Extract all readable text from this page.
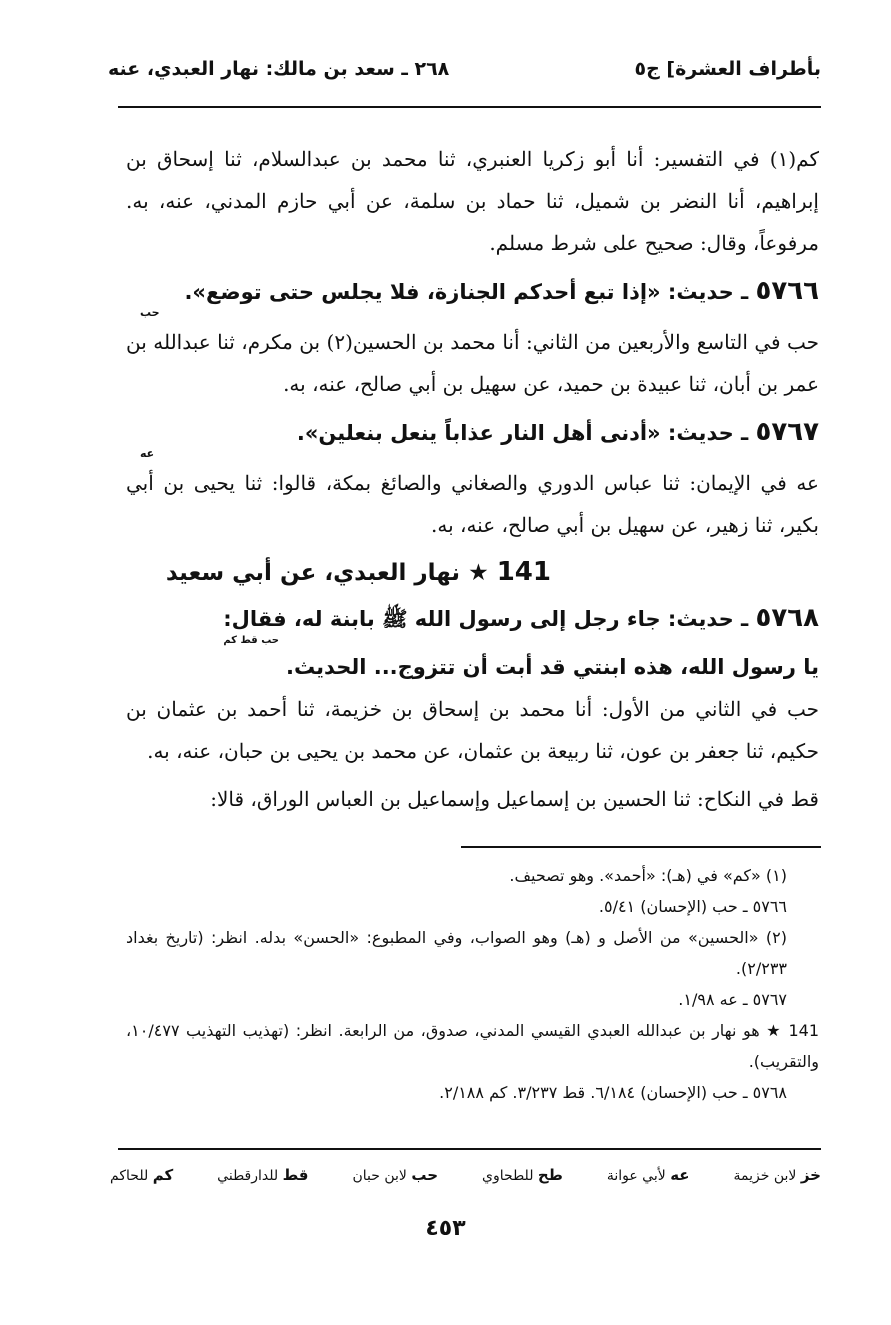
بأطراف العشرة] ج٥
٢٦٨ ـ سعد بن مالك: نهار العبدي، عنه

كم(١) في التفسير: أنا أبو زكريا العنبري، ثنا محمد بن عبدالسلام، ثنا إسحاق بن إبراهيم، أنا النضر بن شميل، ثنا حماد بن سلمة، عن أبي حازم المدني، عنه، به. مرفوعاً، وقال: صحيح على شرط مسلم.

٥٧٦٦ ـ حديث: «إذا تبع أحدكم الجنازة، فلا يجلس حتى توضع».

حب

حب في التاسع والأربعين من الثاني: أنا محمد بن الحسين(٢) بن مكرم، ثنا عبدالله بن عمر بن أبان، ثنا عبيدة بن حميد، عن سهيل بن أبي صالح، عنه، به.

٥٧٦٧ ـ حديث: «أدنى أهل النار عذاباً ينعل بنعلين».

عه

عه في الإيمان: ثنا عباس الدوري والصغاني والصائغ بمكة، قالوا: ثنا يحيى بن أبي بكير، ثنا زهير، عن سهيل بن أبي صالح، عنه، به.

141 ★ نهار العبدي، عن أبي سعيد

٥٧٦٨ ـ حديث: جاء رجل إلى رسول الله ﷺ بابنة له، فقال:

حب قط كم

يا رسول الله، هذه ابنتي قد أبت أن تتزوج... الحديث.

حب في الثاني من الأول: أنا محمد بن إسحاق بن خزيمة، ثنا أحمد بن عثمان بن حكيم، ثنا جعفر بن عون، ثنا ربيعة بن عثمان، عن محمد بن يحيى بن حبان، عنه، به.

قط في النكاح: ثنا الحسين بن إسماعيل وإسماعيل بن العباس الوراق، قالا:

(١) «كم» في (هـ): «أحمد». وهو تصحيف.

٥٧٦٦ ـ حب (الإحسان) ٥/٤١.

(٢) «الحسين» من الأصل و (هـ) وهو الصواب، وفي المطبوع: «الحسن» بدله. انظر: (تاريخ بغداد ٢/٢٣٣).

٥٧٦٧ ـ عه ١/٩٨.

141 ★ هو نهار بن عبدالله العبدي القيسي المدني، صدوق، من الرابعة. انظر: (تهذيب التهذيب ١٠/٤٧٧، والتقريب).

٥٧٦٨ ـ حب (الإحسان) ٦/١٨٤. قط ٣/٢٣٧. كم ٢/١٨٨.

خز لابن خزيمة
عه لأبي عوانة
طح للطحاوي
حب لابن حبان
قط للدارقطني
كم للحاكم
٤٥٣
